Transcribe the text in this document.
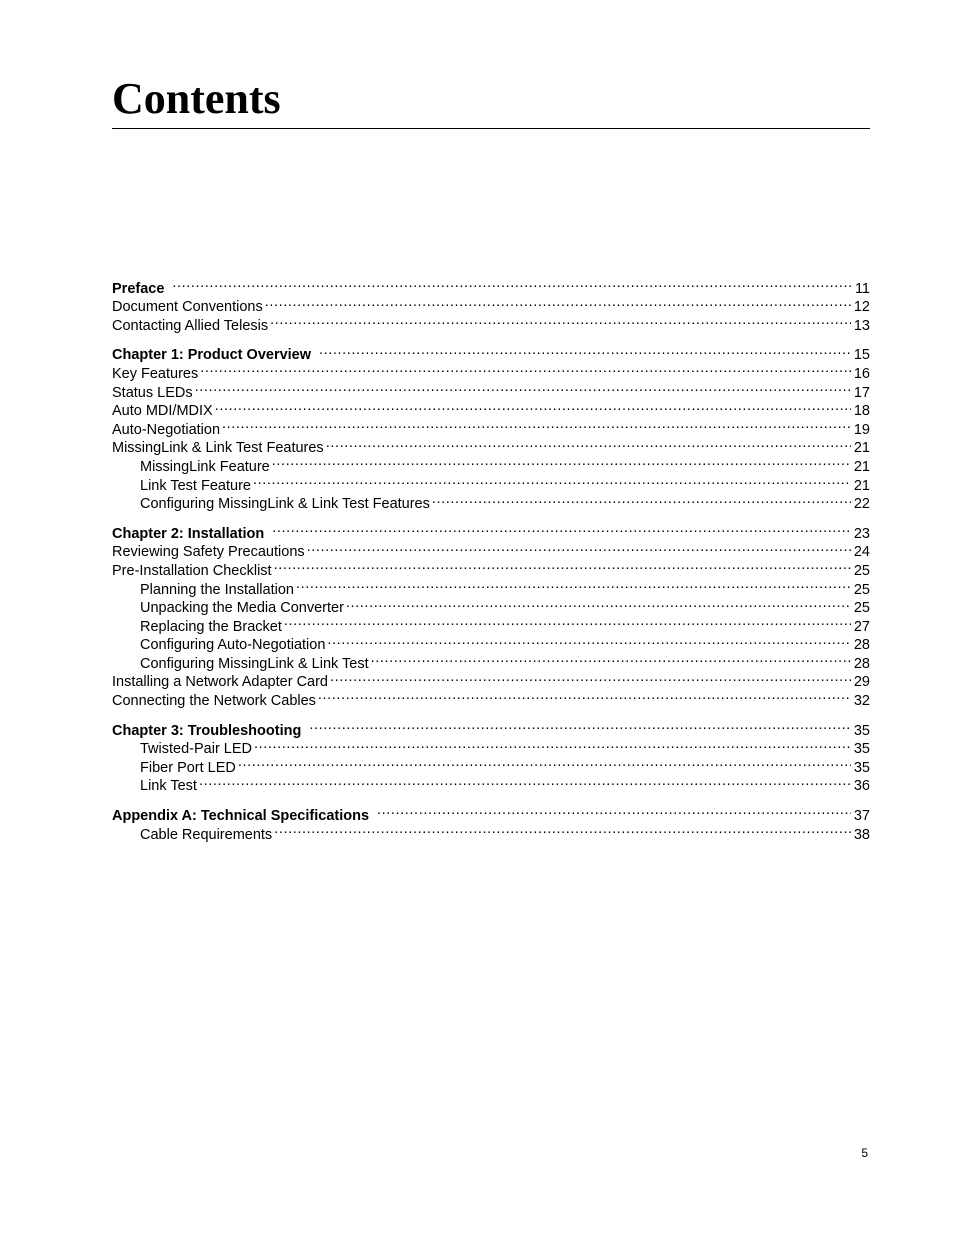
Contents
Preface .....	11
Document Conventions .....	12
Contacting Allied Telesis .....	13
Chapter 1: Product Overview .....	15
Key Features .....	16
Status LEDs .....	17
Auto MDI/MDIX .....	18
Auto-Negotiation .....	19
MissingLink & Link Test Features .....	21
MissingLink Feature .....	21
Link Test Feature .....	21
Configuring MissingLink & Link Test Features .....	22
Chapter 2: Installation .....	23
Reviewing Safety Precautions .....	24
Pre-Installation Checklist .....	25
Planning the Installation .....	25
Unpacking the Media Converter .....	25
Replacing the Bracket .....	27
Configuring Auto-Negotiation .....	28
Configuring MissingLink & Link Test .....	28
Installing a Network Adapter Card .....	29
Connecting the Network Cables .....	32
Chapter 3: Troubleshooting .....	35
Twisted-Pair LED .....	35
Fiber Port LED .....	35
Link Test .....	36
Appendix A: Technical Specifications .....	37
Cable Requirements .....	38
5
